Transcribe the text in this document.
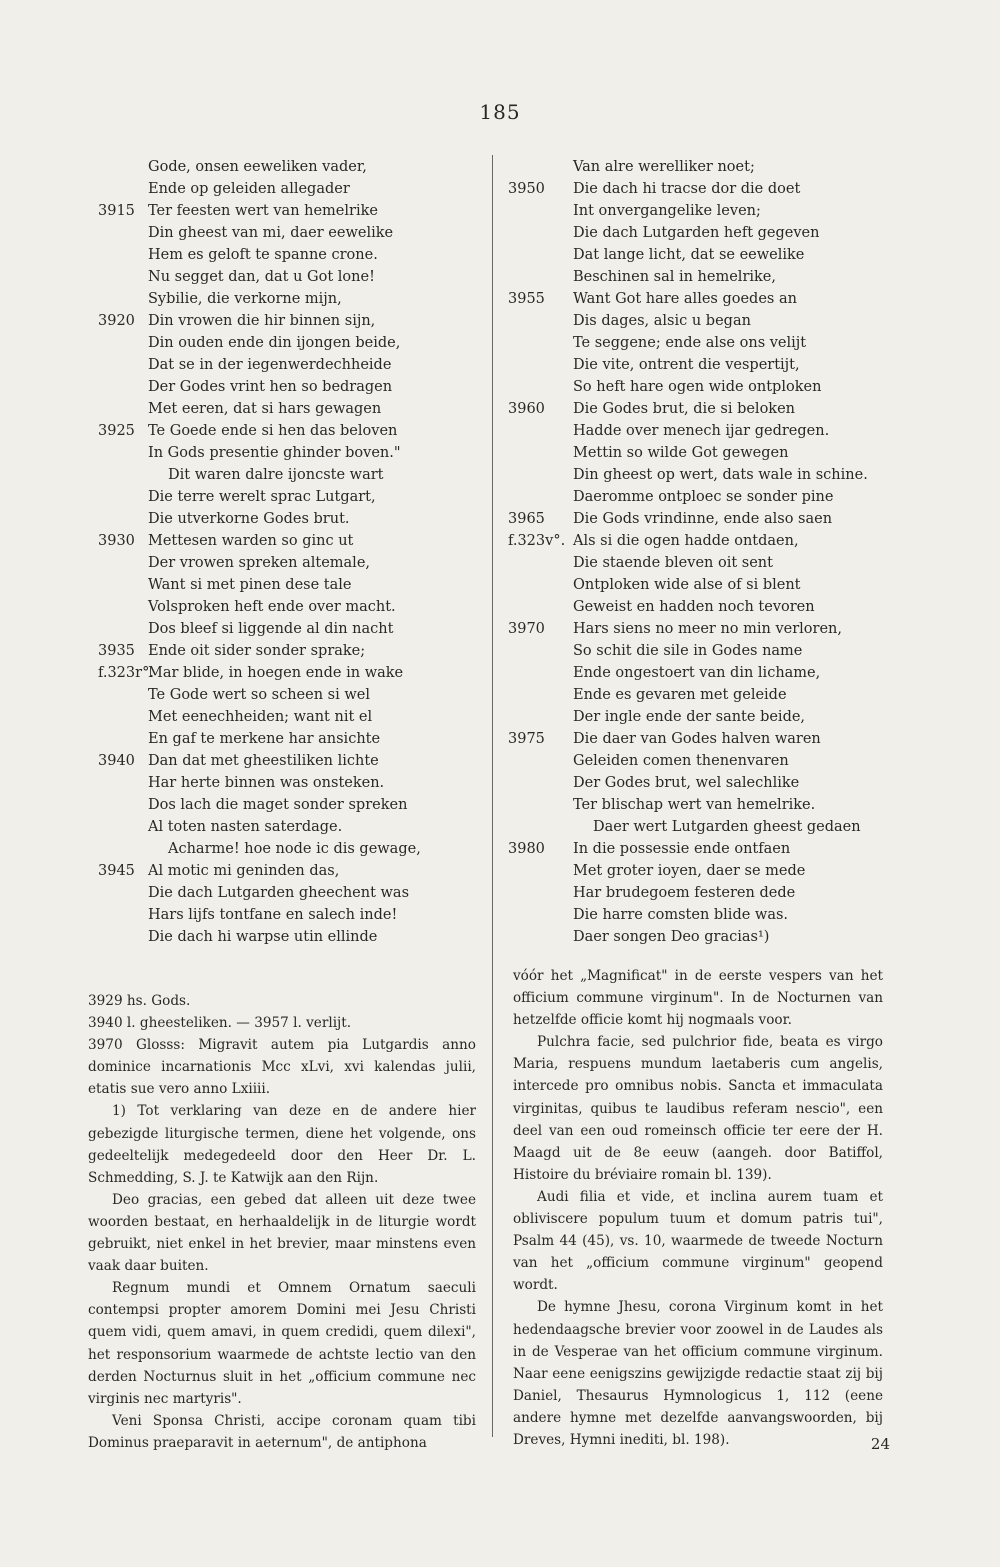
185
Gode, onsen eeweliken vader,
Ende op geleiden allegader
3915 Ter feesten wert van hemelrike
Din gheest van mi, daer eewelike
Hem es geloft te spanne crone.
Nu segget dan, dat u Got lone!
Sybilie, die verkorne mijn,
3920 Din vrowen die hir binnen sijn,
Din ouden ende din ijongen beide,
Dat se in der iegenwerdechheide
Der Godes vrint hen so bedragen
Met eeren, dat si hars gewagen
3925 Te Goede ende si hen das beloven
In Gods presentie ghinder boven."
Dit waren dalre ijoncste wart
Die terre werelt sprac Lutgart,
Die utverkorne Godes brut.
3930 Mettesen warden so ginc ut
Der vrowen spreken altemale,
Want si met pinen dese tale
Volsproken heft ende over macht.
Dos bleef si liggende al din nacht
3935 Ende oit sider sonder sprake;
f.323r°.
Mar blide, in hoegen ende in wake
Te Gode wert so scheen si wel
Met eenechheiden; want nit el
En gaf te merkene har ansichte
3940 Dan dat met gheestiliken lichte
Har herte binnen was onsteken.
Dos lach die maget sonder spreken
Al toten nasten saterdage.
Acharme! hoe node ic dis gewage,
3945 Al motic mi geninden das,
Die dach Lutgarden gheechent was
Hars lijfs tontfane en salech inde!
Die dach hi warpse utin ellinde
Van alre werelliker noet;
3950 Die dach hi tracse dor die doet
Int onvergangelike leven;
Die dach Lutgarden heft gegeven
Dat lange licht, dat se eewelike
Beschinen sal in hemelrike,
3955 Want Got hare alles goedes an
Dis dages, alsic u began
Te seggene; ende alse ons velijt
Die vite, ontrent die vespertijt,
So heft hare ogen wide ontploken
3960 Die Godes brut, die si beloken
Hadde over menech ijar gedregen.
Mettin so wilde Got gewegen
Din gheest op wert, dats wale in schine.
Daeromme ontploec se sonder pine
3965 Die Gods vrindinne, ende also saen
f.323v°. Als si die ogen hadde ontdaen,
Die staende bleven oit sent
Ontploken wide alse of si blent
Geweist en hadden noch tevoren
3970 Hars siens no meer no min verloren,
So schit die sile in Godes name
Ende ongestoert van din lichame,
Ende es gevaren met geleide
Der ingle ende der sante beide,
3975 Die daer van Godes halven waren
Geleiden comen thenenvaren
Der Godes brut, wel salechlike
Ter blischap wert van hemelrike.
Daer wert Lutgarden gheest gedaen
3980 In die possessie ende ontfaen
Met groter ioyen, daer se mede
Har brudegoem festeren dede
Die harre comsten blide was.
Daer songen Deo gracias¹)

3929 hs. Gods.

3940 l. gheesteliken. — 3957 l. verlijt.

3970 Glosss: Migravit autem pia Lutgardis anno dominice incarnationis Mcc xLvi, xvi kalendas julii, etatis sue vero anno Lxiiii.

1) Tot verklaring van deze en de andere hier gebezigde liturgische termen, diene het volgende, ons gedeeltelijk medegedeeld door den Heer Dr. L. Schmedding, S. J. te Katwijk aan den Rijn.

Deo gracias, een gebed dat alleen uit deze twee woorden bestaat, en herhaaldelijk in de liturgie wordt gebruikt, niet enkel in het brevier, maar minstens even vaak daar buiten.

Regnum mundi et Omnem Ornatum saeculi contempsi propter amorem Domini mei Jesu Christi quem vidi, quem amavi, in quem credidi, quem dilexi", het responsorium waarmede de achtste lectio van den derden Nocturnus sluit in het „officium commune nec virginis nec martyris".

Veni Sponsa Christi, accipe coronam quam tibi Dominus praeparavit in aeternum", de antiphona

vóór het „Magnificat" in de eerste vespers van het officium commune virginum". In de Nocturnen van hetzelfde officie komt hij nogmaals voor.

Pulchra facie, sed pulchrior fide, beata es virgo Maria, respuens mundum laetaberis cum angelis, intercede pro omnibus nobis. Sancta et immaculata virginitas, quibus te laudibus referam nescio", een deel van een oud romeinsch officie ter eere der H. Maagd uit de 8e eeuw (aangeh. door Batiffol, Histoire du bréviaire romain bl. 139).

Audi filia et vide, et inclina aurem tuam et obliviscere populum tuum et domum patris tui", Psalm 44 (45), vs. 10, waarmede de tweede Nocturn van het „officium commune virginum" geopend wordt.

De hymne Jhesu, corona Virginum komt in het hedendaagsche brevier voor zoowel in de Laudes als in de Vesperae van het officium commune virginum. Naar eene eenigszins gewijzigde redactie staat zij bij Daniel, Thesaurus Hymnologicus 1, 112 (eene andere hymne met dezelfde aanvangswoorden, bij Dreves, Hymni inediti, bl. 198).	24
